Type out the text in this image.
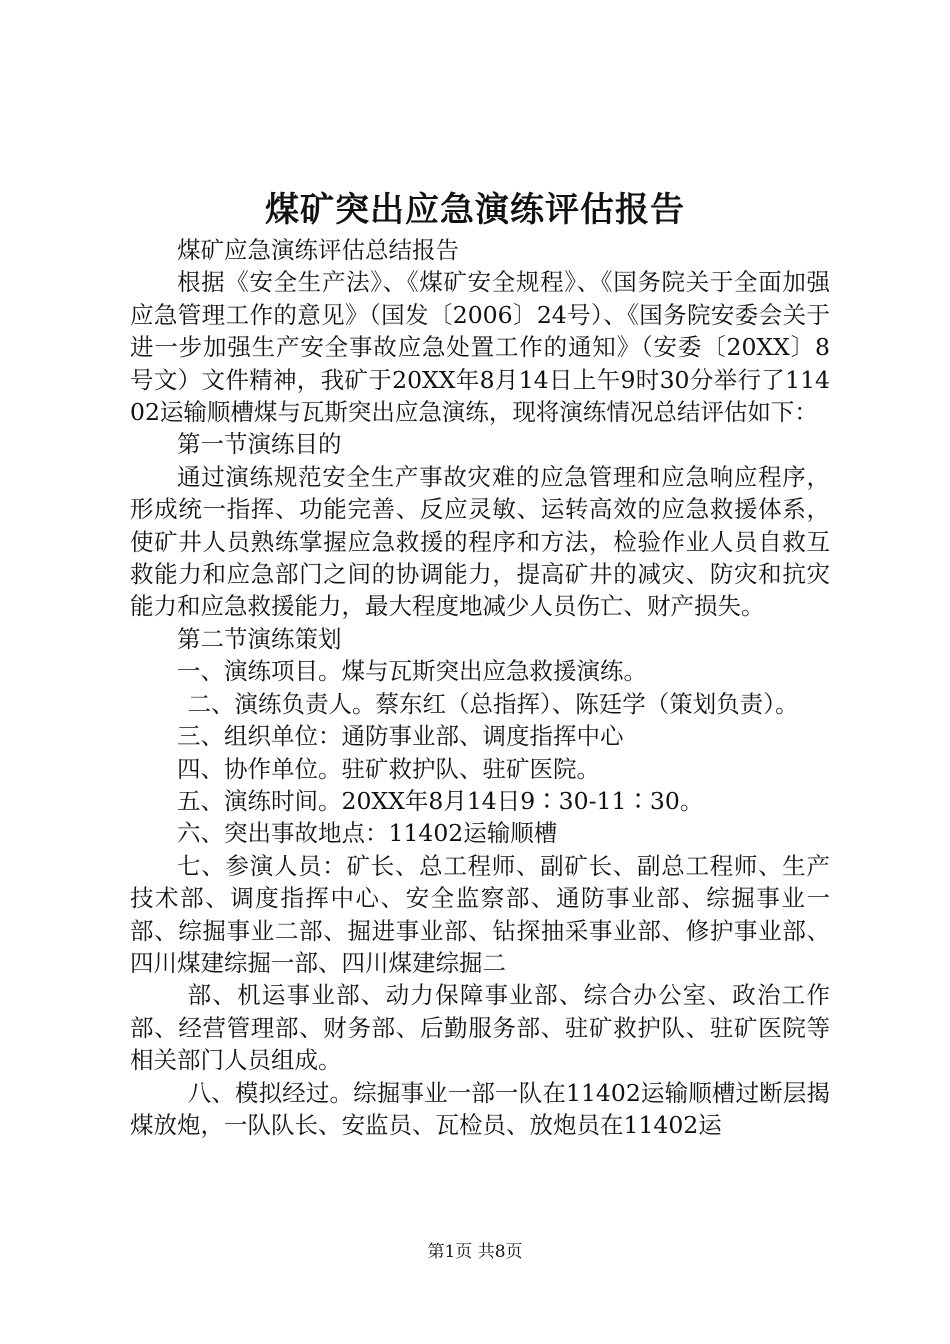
煤矿突出应急演练评估报告

煤矿应急演练评估总结报告

根据《安全生产法》、《煤矿安全规程》、《国务院关于全面加强应急管理工作的意见》（国发〔2006〕24号）、《国务院安委会关于进一步加强生产安全事故应急处置工作的通知》（安委〔20XX〕8号文）文件精神，我矿于20XX年8月14日上午9时30分举行了11402运输顺槽煤与瓦斯突出应急演练，现将演练情况总结评估如下：

第一节演练目的

通过演练规范安全生产事故灾难的应急管理和应急响应程序，形成统一指挥、功能完善、反应灵敏、运转高效的应急救援体系，使矿井人员熟练掌握应急救援的程序和方法，检验作业人员自救互救能力和应急部门之间的协调能力，提高矿井的减灾、防灾和抗灾能力和应急救援能力，最大程度地减少人员伤亡、财产损失。

第二节演练策划

一、演练项目。煤与瓦斯突出应急救援演练。

二、演练负责人。蔡东红（总指挥）、陈廷学（策划负责）。

三、组织单位：通防事业部、调度指挥中心

四、协作单位。驻矿救护队、驻矿医院。

五、演练时间。20XX年8月14日9∶30-11∶30。

六、突出事故地点：11402运输顺槽

七、参演人员：矿长、总工程师、副矿长、副总工程师、生产技术部、调度指挥中心、安全监察部、通防事业部、综掘事业一部、综掘事业二部、掘进事业部、钻探抽采事业部、修护事业部、四川煤建综掘一部、四川煤建综掘二

部、机运事业部、动力保障事业部、综合办公室、政治工作部、经营管理部、财务部、后勤服务部、驻矿救护队、驻矿医院等相关部门人员组成。

八、模拟经过。综掘事业一部一队在11402运输顺槽过断层揭煤放炮，一队队长、安监员、瓦检员、放炮员在11402运

第1页 共8页
